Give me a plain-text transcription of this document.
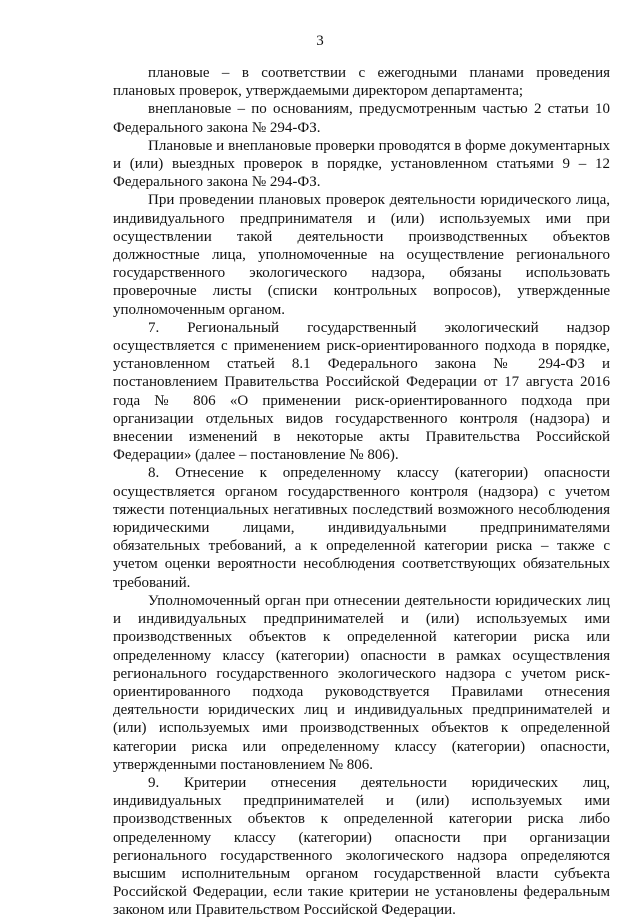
3

плановые – в соответствии с ежегодными планами проведения плановых проверок, утверждаемыми директором департамента;

внеплановые – по основаниям, предусмотренным частью 2 статьи 10 Федерального закона № 294-ФЗ.

Плановые и внеплановые проверки проводятся в форме документарных и (или) выездных проверок в порядке, установленном статьями 9 – 12 Федерального закона № 294-ФЗ.

При проведении плановых проверок деятельности юридического лица, индивидуального предпринимателя и (или) используемых ими при осуществлении такой деятельности производственных объектов должностные лица, уполномоченные на осуществление регионального государственного экологического надзора, обязаны использовать проверочные листы (списки контрольных вопросов), утвержденные уполномоченным органом.

7. Региональный государственный экологический надзор осуществляется с применением риск-ориентированного подхода в порядке, установленном статьей 8.1 Федерального закона № 294-ФЗ и постановлением Правительства Российской Федерации от 17 августа 2016 года № 806 «О применении риск-ориентированного подхода при организации отдельных видов государственного контроля (надзора) и внесении изменений в некоторые акты Правительства Российской Федерации» (далее – постановление № 806).

8. Отнесение к определенному классу (категории) опасности осуществляется органом государственного контроля (надзора) с учетом тяжести потенциальных негативных последствий возможного несоблюдения юридическими лицами, индивидуальными предпринимателями обязательных требований, а к определенной категории риска – также с учетом оценки вероятности несоблюдения соответствующих обязательных требований.

Уполномоченный орган при отнесении деятельности юридических лиц и индивидуальных предпринимателей и (или) используемых ими производственных объектов к определенной категории риска или определенному классу (категории) опасности в рамках осуществления регионального государственного экологического надзора с учетом риск-ориентированного подхода руководствуется Правилами отнесения деятельности юридических лиц и индивидуальных предпринимателей и (или) используемых ими производственных объектов к определенной категории риска или определенному классу (категории) опасности, утвержденными постановлением № 806.

9. Критерии отнесения деятельности юридических лиц, индивидуальных предпринимателей и (или) используемых ими производственных объектов к определенной категории риска либо определенному классу (категории) опасности при организации регионального государственного экологического надзора определяются высшим исполнительным органом государственной власти субъекта Российской Федерации, если такие критерии не установлены федеральным законом или Правительством Российской Федерации.
